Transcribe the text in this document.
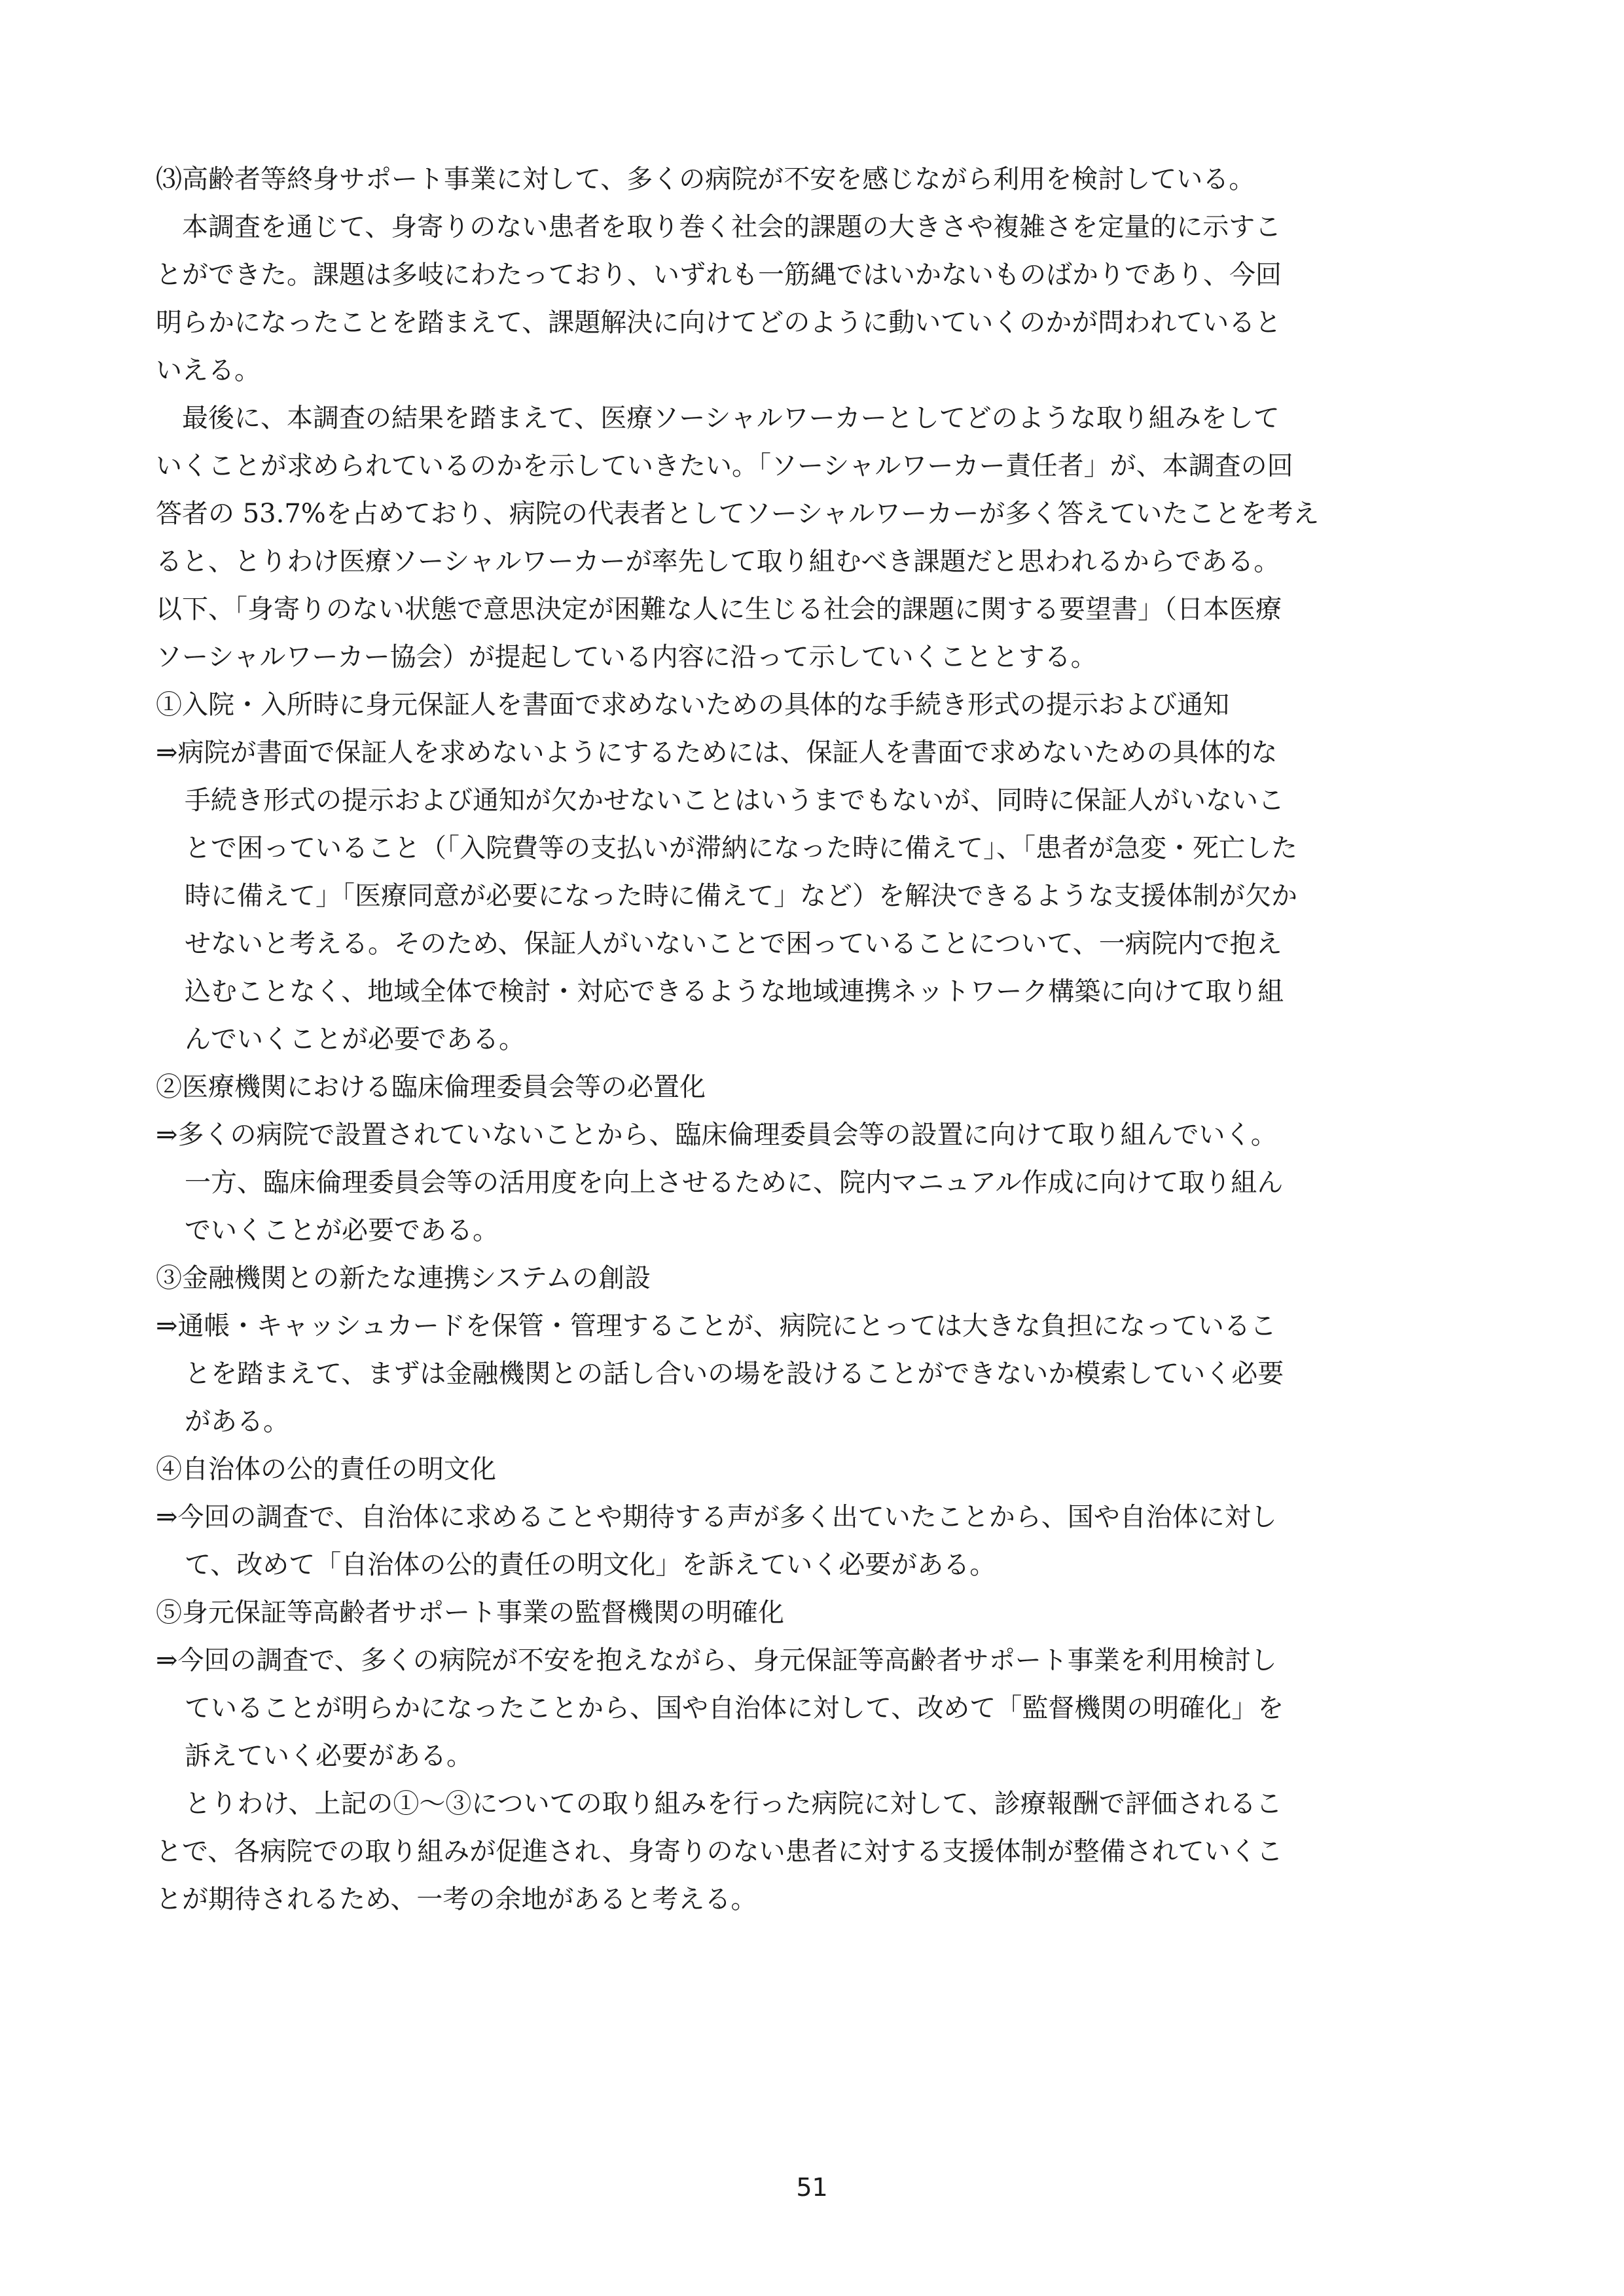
⑶高齢者等終身サポート事業に対して、多くの病院が不安を感じながら利用を検討している。

本調査を通じて、身寄りのない患者を取り巻く社会的課題の大きさや複雑さを定量的に示すこ

とができた。課題は多岐にわたっており、いずれも一筋縄ではいかないものばかりであり、今回

明らかになったことを踏まえて、課題解決に向けてどのように動いていくのかが問われていると

いえる。

最後に、本調査の結果を踏まえて、医療ソーシャルワーカーとしてどのような取り組みをして

いくことが求められているのかを示していきたい。「ソーシャルワーカー責任者」が、本調査の回

答者の 53.7%を占めており、病院の代表者としてソーシャルワーカーが多く答えていたことを考え

ると、とりわけ医療ソーシャルワーカーが率先して取り組むべき課題だと思われるからである。

以下、「身寄りのない状態で意思決定が困難な人に生じる社会的課題に関する要望書」（日本医療

ソーシャルワーカー協会）が提起している内容に沿って示していくこととする。

①入院・入所時に身元保証人を書面で求めないための具体的な手続き形式の提示および通知

⇒病院が書面で保証人を求めないようにするためには、保証人を書面で求めないための具体的な

手続き形式の提示および通知が欠かせないことはいうまでもないが、同時に保証人がいないこ

とで困っていること（「入院費等の支払いが滞納になった時に備えて」、「患者が急変・死亡した

時に備えて」「医療同意が必要になった時に備えて」など）を解決できるような支援体制が欠か

せないと考える。そのため、保証人がいないことで困っていることについて、一病院内で抱え

込むことなく、地域全体で検討・対応できるような地域連携ネットワーク構築に向けて取り組

んでいくことが必要である。

②医療機関における臨床倫理委員会等の必置化

⇒多くの病院で設置されていないことから、臨床倫理委員会等の設置に向けて取り組んでいく。

一方、臨床倫理委員会等の活用度を向上させるために、院内マニュアル作成に向けて取り組ん

でいくことが必要である。

③金融機関との新たな連携システムの創設

⇒通帳・キャッシュカードを保管・管理することが、病院にとっては大きな負担になっているこ

とを踏まえて、まずは金融機関との話し合いの場を設けることができないか模索していく必要

がある。

④自治体の公的責任の明文化

⇒今回の調査で、自治体に求めることや期待する声が多く出ていたことから、国や自治体に対し

て、改めて「自治体の公的責任の明文化」を訴えていく必要がある。

⑤身元保証等高齢者サポート事業の監督機関の明確化

⇒今回の調査で、多くの病院が不安を抱えながら、身元保証等高齢者サポート事業を利用検討し

ていることが明らかになったことから、国や自治体に対して、改めて「監督機関の明確化」を

訴えていく必要がある。

とりわけ、上記の①～③についての取り組みを行った病院に対して、診療報酬で評価されるこ

とで、各病院での取り組みが促進され、身寄りのない患者に対する支援体制が整備されていくこ

とが期待されるため、一考の余地があると考える。

51
